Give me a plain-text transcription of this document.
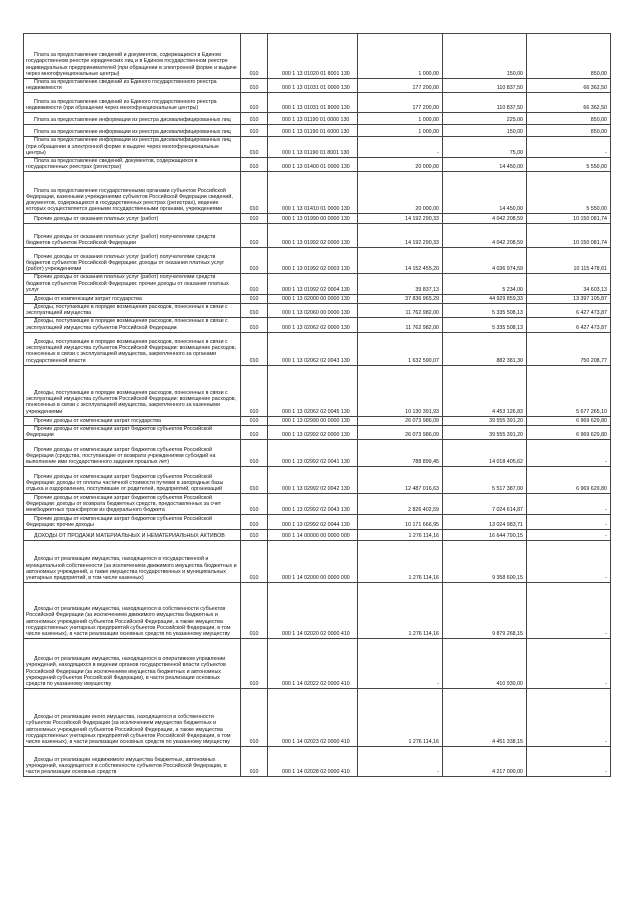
Плата за предоставление сведений и документов, содержащихся в Едином государственном реестре юридических лиц и в Едином государственном реестре индивидуальных предпринимателей (при обращении в электронной форме и выдаче через многофункциональные центры)	010	000 1 13 01020 01 8001 130	1 000,00	150,00	850,00
Плата за предоставление сведений из Единого государственного реестра недвижимости	010	000 1 13 01031 01 0000 130	177 200,00	110 837,50	66 362,50
Плата за предоставление сведений из Единого государственного реестра недвижимости (при обращении через многофункциональные центры)	010	000 1 13 01031 01 8000 130	177 200,00	110 837,50	66 362,50
Плата за предоставление информации из реестра дисквалифицированных лиц	010	000 1 13 01190 01 0000 130	1 000,00	225,00	850,00
Плата за предоставление информации из реестра дисквалифицированных лиц	010	000 1 13 01190 01 6000 130	1 000,00	150,00	850,00
Плата за предоставление информации из реестра дисквалифицированных лиц (при обращении в электронной форме и выдаче через многофункциональные центры)	010	000 1 13 01190 01 8001 130	-	75,00	-
Плата за предоставление сведений, документов, содержащихся в государственных реестрах (регистрах)	010	000 1 13 01400 01 0000 130	20 000,00	14 450,00	5 550,00
Плата за предоставление государственными органами субъектов Российской Федерации, казенными учреждениями субъектов Российской Федерации сведений, документов, содержащихся в государственных реестрах (регистрах), ведение которых осуществляется данными государственными органами, учреждениями	010	000 1 13 01410 01 0000 130	20 000,00	14 450,00	5 550,00
Прочие доходы от оказания платных услуг (работ)	010	000 1 13 01990 00 0000 130	14 192 290,33	4 042 208,59	10 150 081,74
Прочие доходы от оказания платных услуг (работ) получателями средств бюджетов субъектов Российской Федерации	010	000 1 13 01992 02 0000 130	14 192 290,33	4 042 208,59	10 150 081,74
Прочие доходы от оказания платных услуг (работ) получателями средств бюджетов субъектов Российской Федерации: доходы от оказания платных услуг (работ) учреждениями	010	000 1 13 01992 02 0003 130	14 152 455,20	4 036 974,59	10 115 478,61
Прочие доходы от оказания платных услуг (работ) получателями средств бюджетов субъектов Российской Федерации: прочие доходы от оказания платных услуг	010	000 1 13 01992 02 0004 130	39 837,13	5 234,00	34 603,13
Доходы от компенсации затрат государства	010	000 1 13 02000 00 0000 130	37 836 965,29	44 929 859,33	13 397 105,87
Доходы, поступающие в порядке возмещения расходов, понесенных в связи с эксплуатацией имущества	010	000 1 13 02060 00 0000 130	11 762 982,00	5 335 508,13	6 427 473,87
Доходы, поступающие в порядке возмещения расходов, понесенных в связи с эксплуатацией имущества субъектов Российской Федерации	010	000 1 13 02062 02 0000 130	11 762 982,00	5 335 508,13	6 427 473,87
Доходы, поступающие в порядке возмещения расходов, понесенных в связи с эксплуатацией имущества субъектов Российской Федерации: возмещение расходов, понесенных в связи с эксплуатацией имущества, закрепленного за органами государственной власти	010	000 1 13 02062 02 0043 130	1 632 590,07	882 381,30	750 208,77
Доходы, поступающие в порядке возмещения расходов, понесенных в связи с эксплуатацией имущества субъектов Российской Федерации: возмещение расходов, понесенных в связи с эксплуатацией имущества, закрепленного за казенными учреждениями	010	000 1 13 02062 02 0045 130	10 130 391,93	4 453 126,83	5 677 265,10
Прочие доходы от компенсации затрат государства	010	000 1 13 02990 00 0000 130	26 073 986,09	39 555 391,20	6 969 629,80
Прочие доходы от компенсации затрат бюджетов субъектов Российской Федерации	010	000 1 13 02992 02 0000 130	26 073 986,09	39 555 391,20	6 969 629,80
Прочие доходы от компенсации затрат бюджетов субъектов Российской Федерации (средства, поступающие от возврата учреждениями субсидий на выполнение ими государственного задания прошлых лет)	010	000 1 13 02992 02 0041 130	788 899,45	14 018 405,62	-
Прочие доходы от компенсации затрат бюджетов субъектов Российской Федерации: доходы от оплаты частичной стоимости путевки в загородные базы отдыха и оздоровления, поступившие от родителей, предприятий, организаций	010	000 1 13 02992 02 0042 130	12 487 016,63	5 517 387,00	6 969 629,80
Прочие доходы от компенсации затрат бюджетов субъектов Российской Федерации: доходы от возврата бюджетных средств, предоставленных за счет межбюджетных трансфертов из федерального бюджета	010	000 1 13 02992 02 0043 130	2 826 402,59	7 024 614,87	-
Прочие доходы от компенсации затрат бюджетов субъектов Российской Федерации: прочие доходы	010	000 1 13 02992 02 0044 130	10 171 666,95	13 024 983,71	-
ДОХОДЫ ОТ ПРОДАЖИ МАТЕРИАЛЬНЫХ И НЕМАТЕРИАЛЬНЫХ АКТИВОВ	010	000 1 14 00000 00 0000 000	1 276 114,16	16 644 790,15	-
Доходы от реализации имущества, находящегося в государственной и муниципальной собственности (за исключением движимого имущества бюджетных и автономных учреждений, а также имущества государственных и муниципальных унитарных предприятий, в том числе казенных)	010	000 1 14 02000 00 0000 000	1 276 114,16	9 358 600,15	-
Доходы от реализации имущества, находящегося в собственности субъектов Российской Федерации (за исключением движимого имущества бюджетных и автономных учреждений субъектов Российской Федерации, а также имущества государственных унитарных предприятий субъектов Российской Федерации, в том числе казенных), в части реализации основных средств по указанному имуществу	010	000 1 14 02020 02 0000 410	1 276 114,16	9 879 268,15	-
Доходы от реализации имущества, находящегося в оперативном управлении учреждений, находящихся в ведении органов государственной власти субъектов Российской Федерации (за исключением имущества бюджетных и автономных учреждений субъектов Российской Федерации), в части реализации основных средств по указанному имуществу	010	000 1 14 02022 02 0000 410	-	410 930,00	-
Доходы от реализации иного имущества, находящегося в собственности субъектов Российской Федерации (за исключением имущества бюджетных и автономных учреждений субъектов Российской Федерации, а также имущества государственных унитарных предприятий субъектов Российской Федерации, в том числе казенных), в части реализации основных средств по указанному имуществу	010	000 1 14 02023 02 0000 410	1 276 114,16	4 451 338,15	-
Доходы от реализации недвижимого имущества бюджетных, автономных учреждений, находящегося в собственности субъектов Российской Федерации, в части реализации основных средств	010	000 1 14 02028 02 0000 410	-	4 217 000,00	-
